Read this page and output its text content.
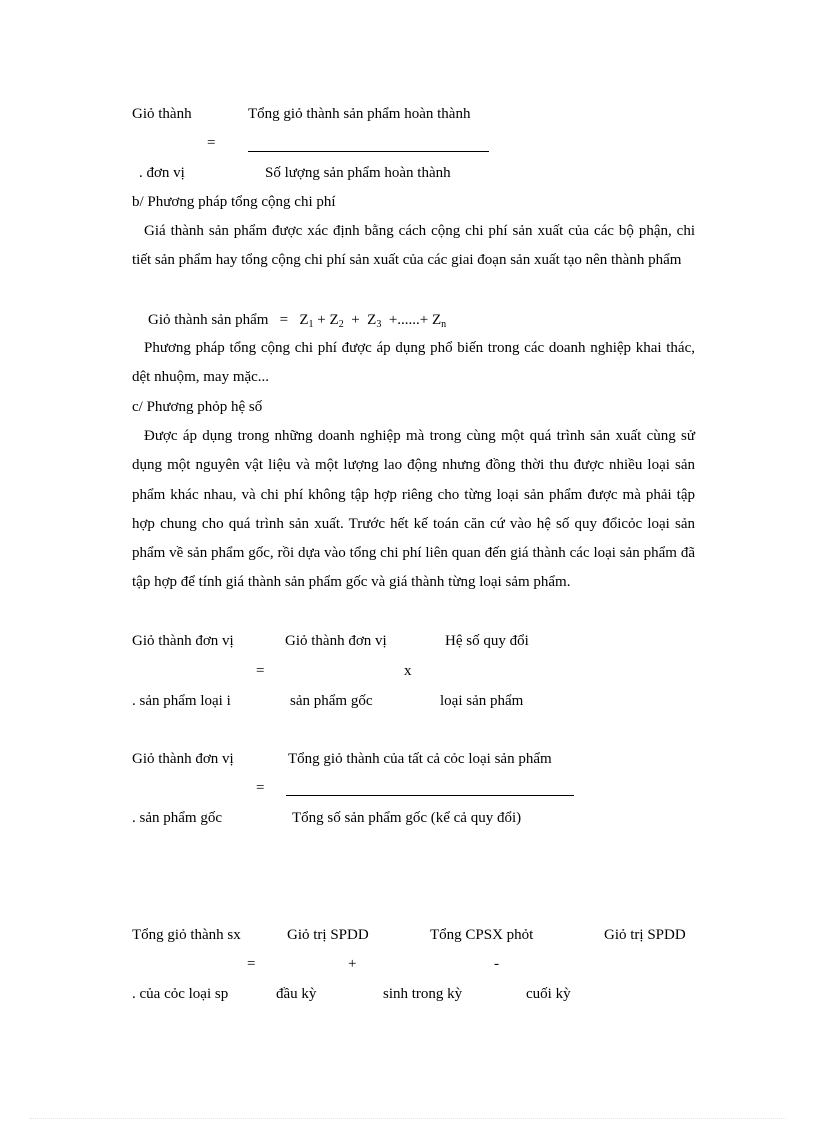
Giỏ thành	Tổng giỏ thành sản phẩm hoàn thành
=
. đơn vị	Số lượng sản phẩm hoàn thành
b/ Phương pháp tổng cộng chi phí
Giá thành sản phẩm được xác định bằng cách cộng chi phí sản xuất của các bộ phận, chi tiết sản phẩm hay tổng cộng chi phí sản xuất của các giai đoạn sản xuất tạo nên thành phẩm
Giỏ thành sản phẩm = $Z_1 + Z_2 + Z_3$ +......+ $Z_n$
Phương pháp tổng cộng chi phí được áp dụng phổ biến trong các doanh nghiệp khai thác, dệt nhuộm, may mặc...
c/ Phương phỏp hệ số
Được áp dụng trong những doanh nghiệp mà trong cùng một quá trình sản xuất cùng sử dụng một nguyên vật liệu và một lượng lao động nhưng đồng thời thu được nhiều loại sản phẩm khác nhau, và chi phí không tập hợp riêng cho từng loại sản phẩm được mà phải tập hợp chung cho quá trình sản xuất. Trước hết kế toán căn cứ vào hệ số quy đổicỏc loại sản phẩm về sản phẩm gốc, rồi dựa vào tổng chi phí liên quan đến giá thành các loại sản phẩm đã tập hợp để tính giá thành sản phẩm gốc và giá thành từng loại sảm phẩm.
Giỏ thành đơn vị	Giỏ thành đơn vị	Hệ số quy đổi
=	x
. sản phẩm loại i	sản phẩm gốc	loại sản phẩm
Giỏ thành đơn vị	Tổng giỏ thành của tất cả cỏc loại sản phẩm
=
. sản phẩm gốc	Tổng số sản phẩm gốc (kể cả quy đổi)
Tổng giỏ thành sx	Giỏ trị SPDD	Tổng CPSX phỏt	Giỏ trị SPDD
=	+	-
. của cỏc loại sp	đầu kỳ	sinh trong kỳ	cuối kỳ
